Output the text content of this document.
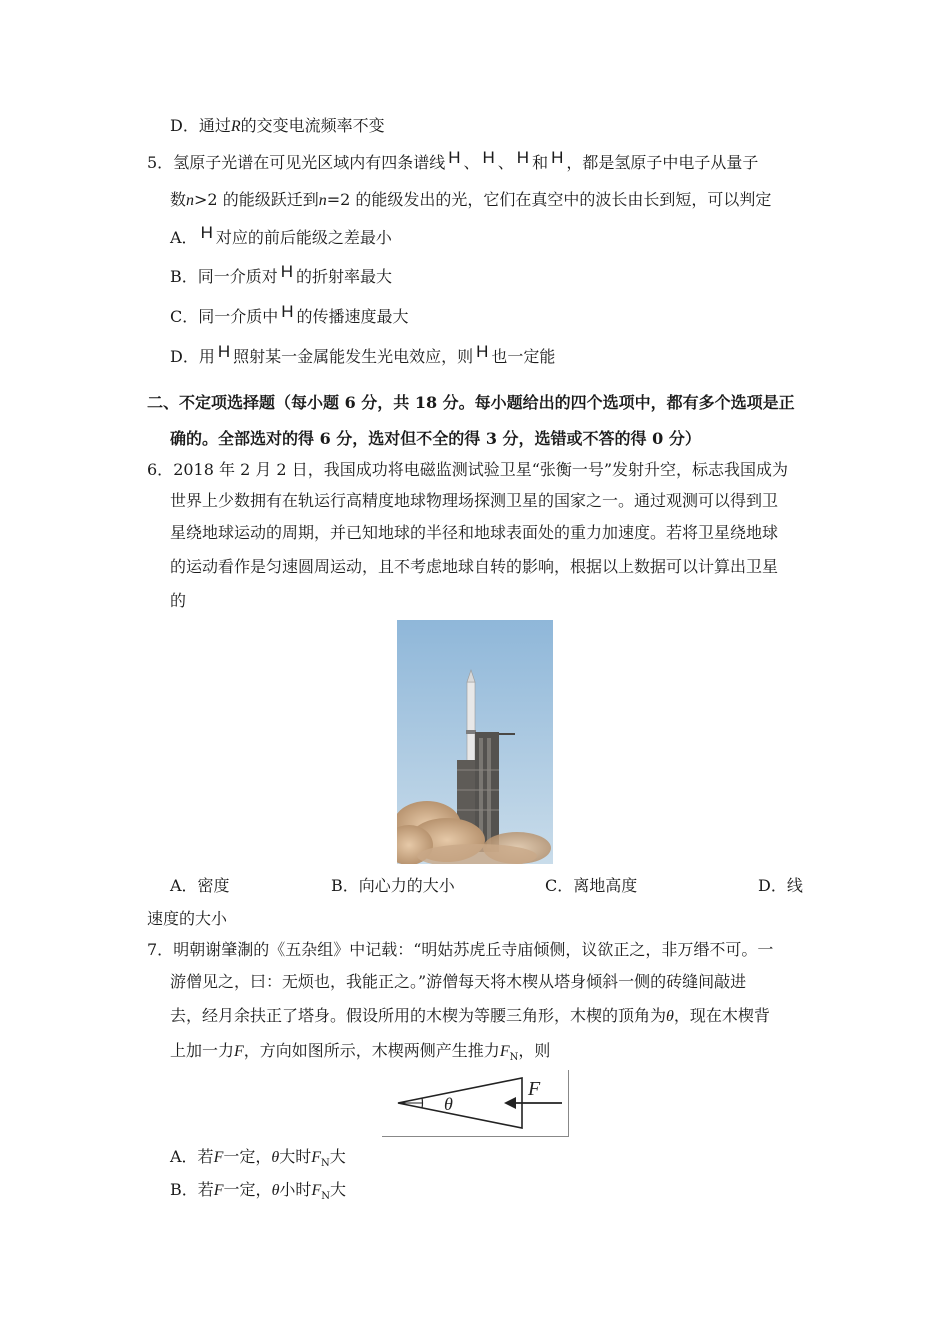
D．通过R的交变电流频率不变
5．氢原子光谱在可见光区域内有四条谱线 H 、 H 、 H 和 H ，都是氢原子中电子从量子
数n>2 的能级跃迁到n=2 的能级发出的光，它们在真空中的波长由长到短，可以判定
A． H 对应的前后能级之差最小
B．同一介质对 H 的折射率最大
C．同一介质中 H 的传播速度最大
D．用 H 照射某一金属能发生光电效应，则 H 也一定能
二、不定项选择题（每小题 6 分，共 18 分。每小题给出的四个选项中，都有多个选项是正
确的。全部选对的得 6 分，选对但不全的得 3 分，选错或不答的得 0 分）
6．2018 年 2 月 2 日，我国成功将电磁监测试验卫星“张衡一号”发射升空，标志我国成为
世界上少数拥有在轨运行高精度地球物理场探测卫星的国家之一。通过观测可以得到卫
星绕地球运动的周期，并已知地球的半径和地球表面处的重力加速度。若将卫星绕地球
的运动看作是匀速圆周运动，且不考虑地球自转的影响，根据以上数据可以计算出卫星
的
A．密度	B．向心力的大小	C．离地高度	D．线
速度的大小
7．明朝谢肇淛的《五杂组》中记载：“明姑苏虎丘寺庙倾侧，议欲正之，非万缗不可。一
游僧见之，曰：无烦也，我能正之。”游僧每天将木楔从塔身倾斜一侧的砖缝间敲进
去，经月余扶正了塔身。假设所用的木楔为等腰三角形，木楔的顶角为θ，现在木楔背
上加一力F，方向如图所示，木楔两侧产生推力$F_N$，则
θ
F
A．若F一定，θ大时$F_N$大
B．若F一定，θ小时$F_N$大
